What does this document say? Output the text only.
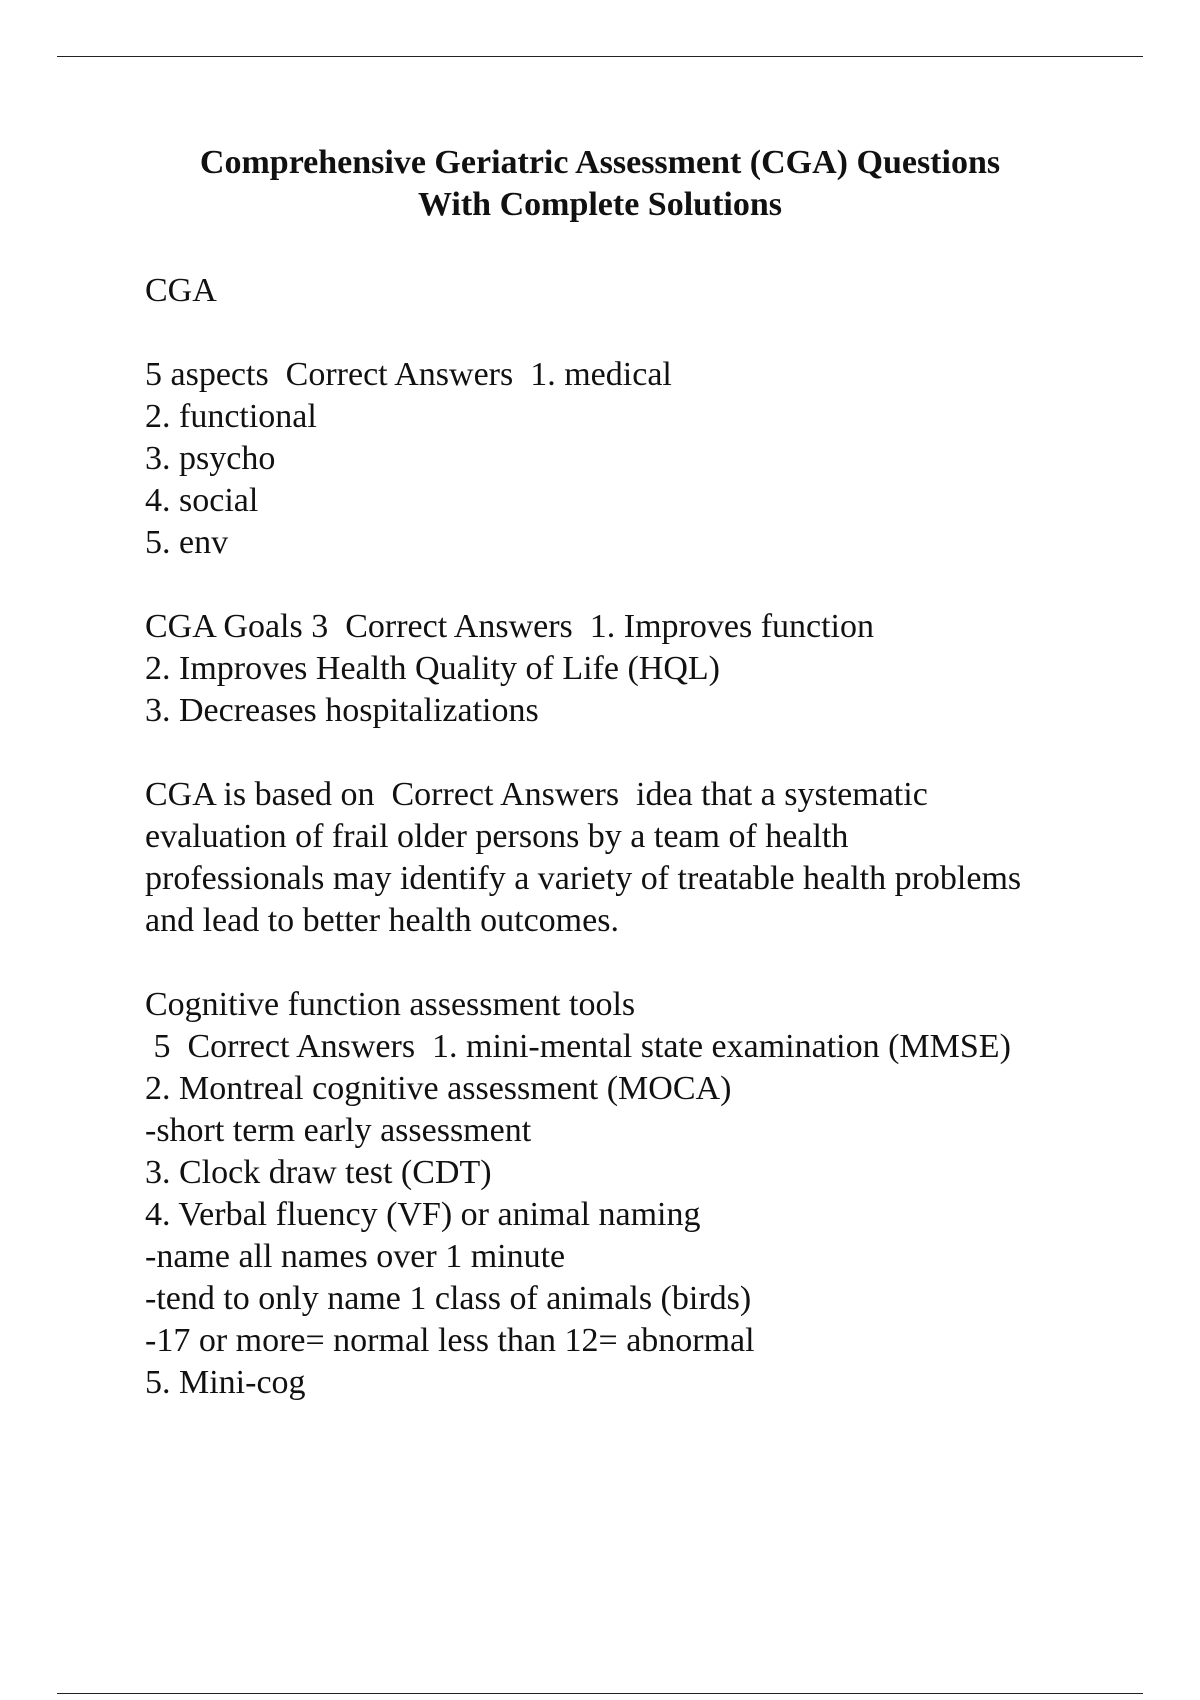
Comprehensive Geriatric Assessment (CGA) Questions
With Complete Solutions
CGA
5 aspects  Correct Answers  1. medical
2. functional
3. psycho
4. social
5. env
CGA Goals 3  Correct Answers  1. Improves function
2. Improves Health Quality of Life (HQL)
3. Decreases hospitalizations
CGA is based on  Correct Answers  idea that a systematic
evaluation of frail older persons by a team of health
professionals may identify a variety of treatable health problems
and lead to better health outcomes.
Cognitive function assessment tools
5  Correct Answers  1. mini-mental state examination (MMSE)
2. Montreal cognitive assessment (MOCA)
-short term early assessment
3. Clock draw test (CDT)
4. Verbal fluency (VF) or animal naming
-name all names over 1 minute
-tend to only name 1 class of animals (birds)
-17 or more= normal less than 12= abnormal
5. Mini-cog
